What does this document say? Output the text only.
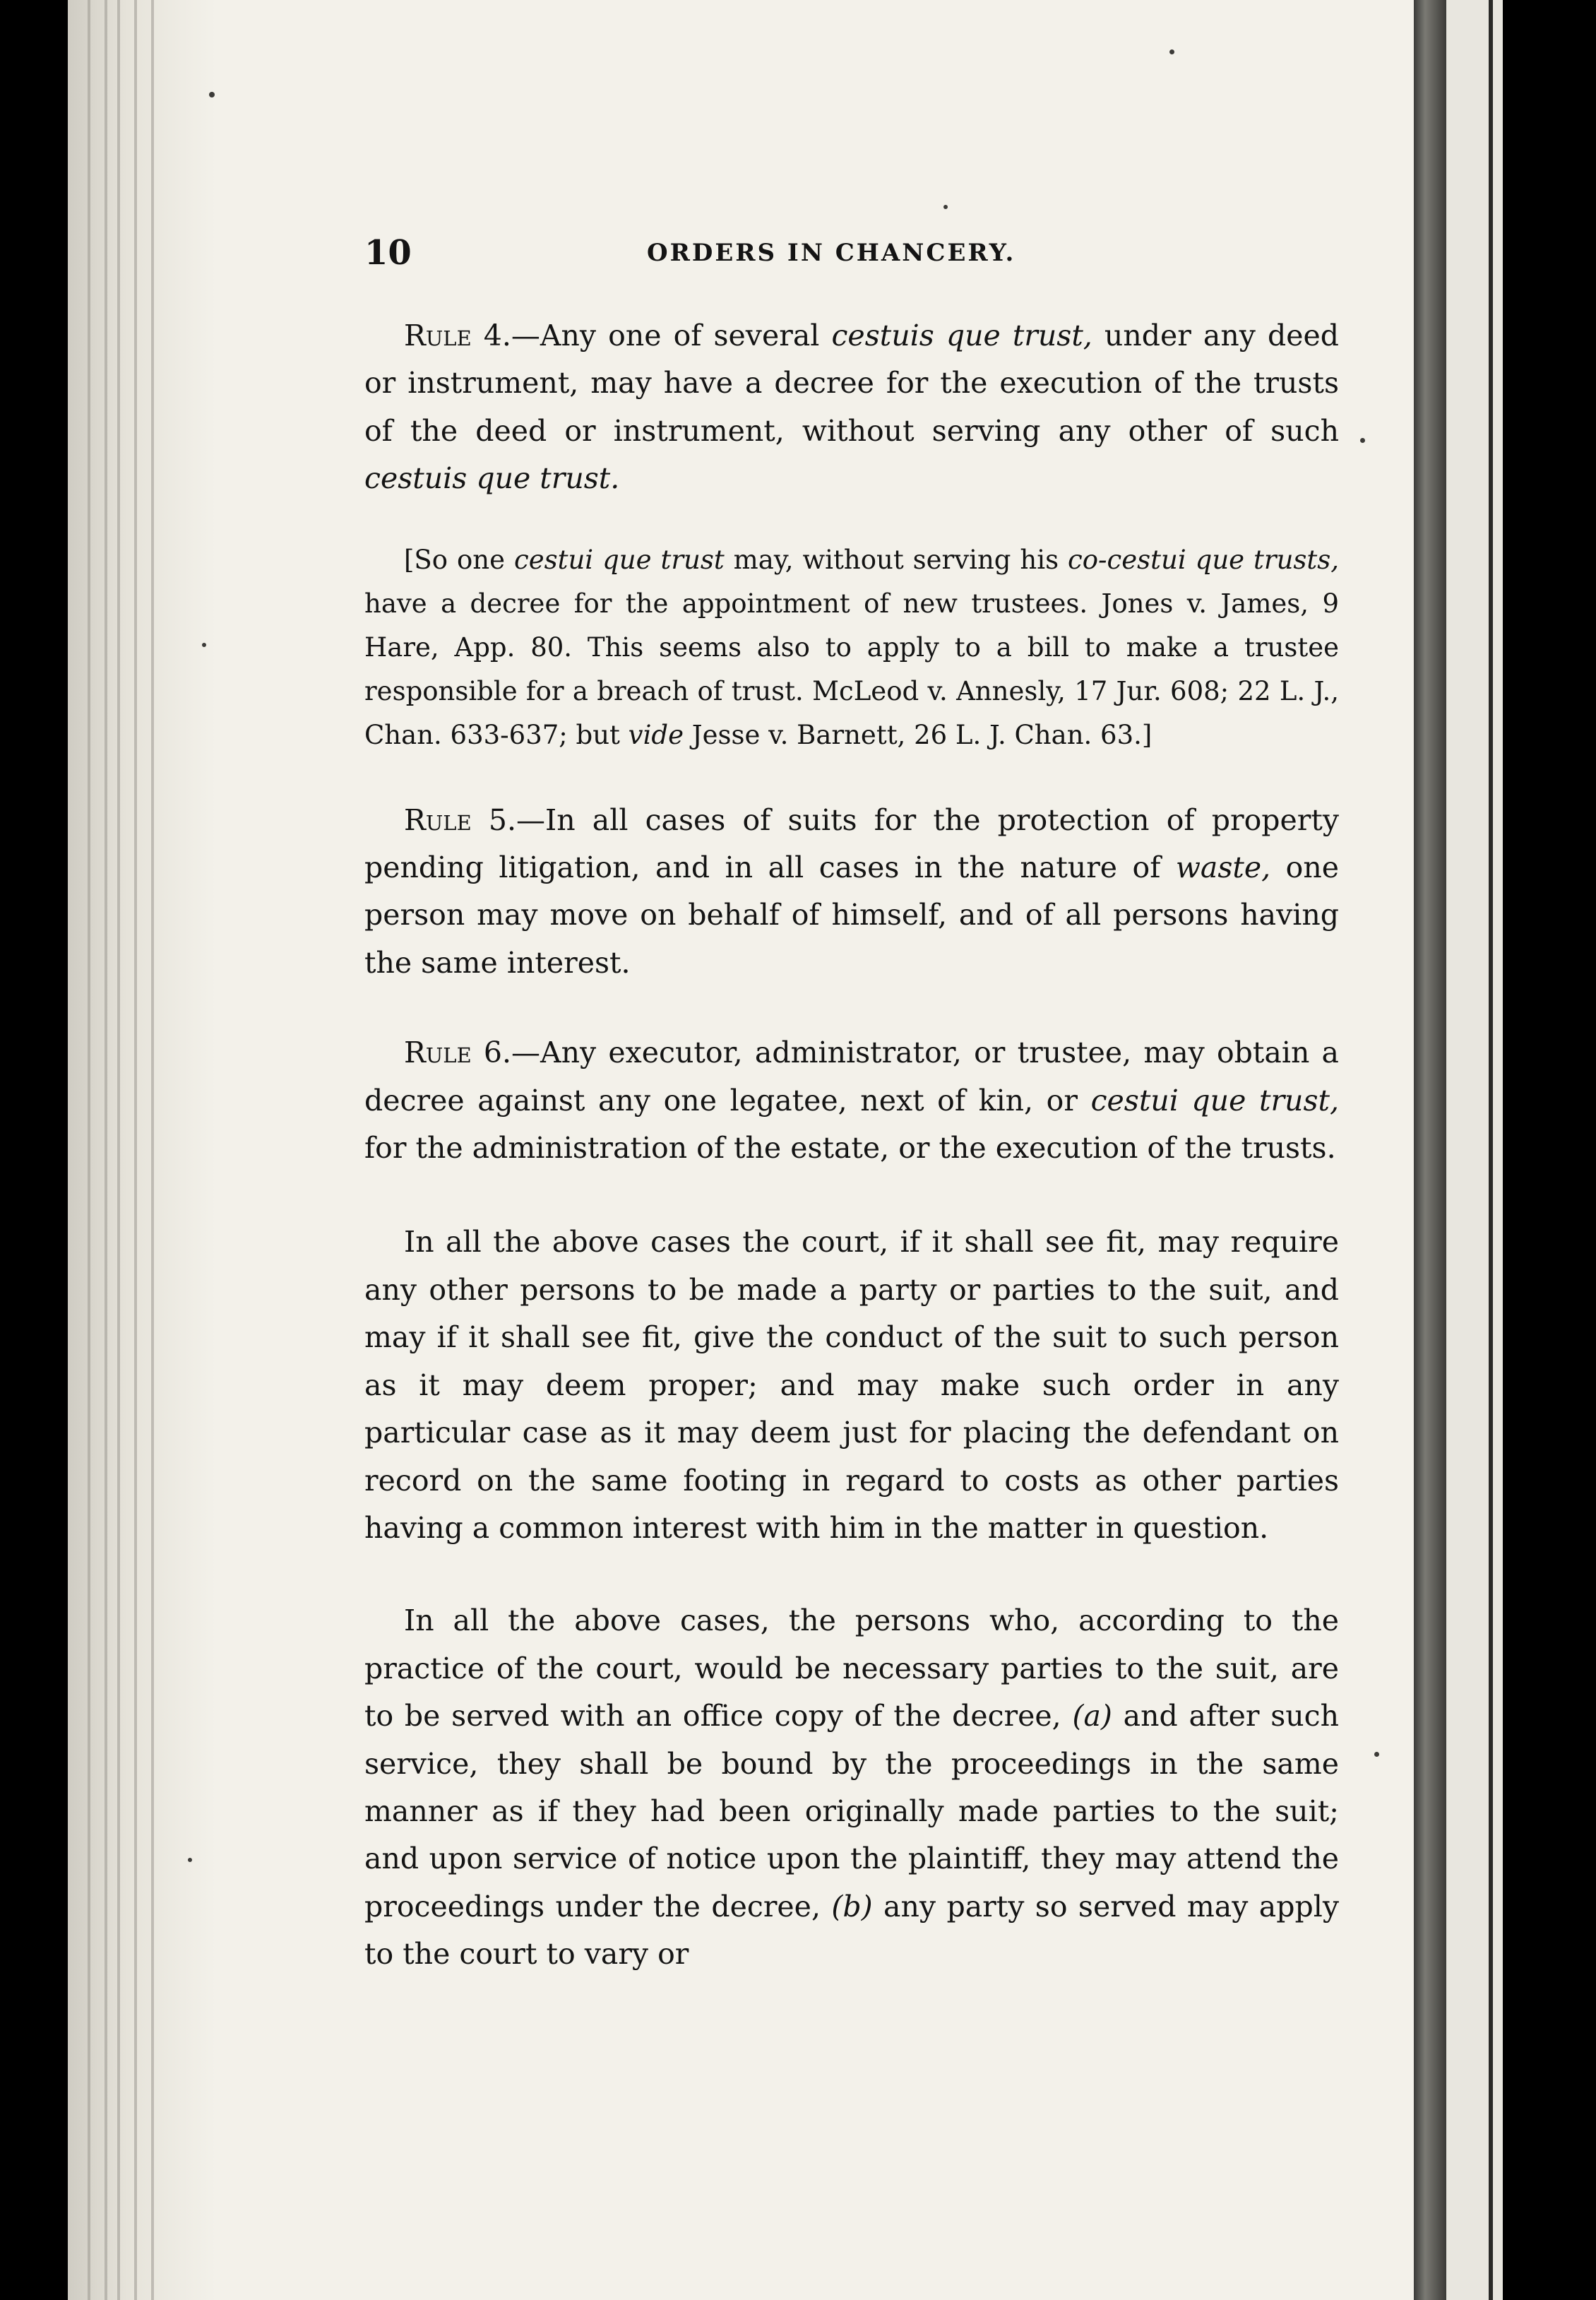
10	ORDERS IN CHANCERY.

Rule 4.—Any one of several cestuis que trust, under any deed or instrument, may have a decree for the execution of the trusts of the deed or instrument, without serving any other of such cestuis que trust.

[So one cestui que trust may, without serving his co-cestui que trusts, have a decree for the appointment of new trustees. Jones v. James, 9 Hare, App. 80. This seems also to apply to a bill to make a trustee responsible for a breach of trust. McLeod v. Annesly, 17 Jur. 608; 22 L. J., Chan. 633-637; but vide Jesse v. Barnett, 26 L. J. Chan. 63.]

Rule 5.—In all cases of suits for the protection of property pending litigation, and in all cases in the nature of waste, one person may move on behalf of himself, and of all persons having the same interest.

Rule 6.—Any executor, administrator, or trustee, may obtain a decree against any one legatee, next of kin, or cestui que trust, for the administration of the estate, or the execution of the trusts.

In all the above cases the court, if it shall see fit, may require any other persons to be made a party or parties to the suit, and may if it shall see fit, give the conduct of the suit to such person as it may deem proper; and may make such order in any particular case as it may deem just for placing the defendant on record on the same footing in regard to costs as other parties having a common interest with him in the matter in question.

In all the above cases, the persons who, according to the practice of the court, would be necessary parties to the suit, are to be served with an office copy of the decree, (a) and after such service, they shall be bound by the proceedings in the same manner as if they had been originally made parties to the suit; and upon service of notice upon the plaintiff, they may attend the proceedings under the decree, (b) any party so served may apply to the court to vary or
